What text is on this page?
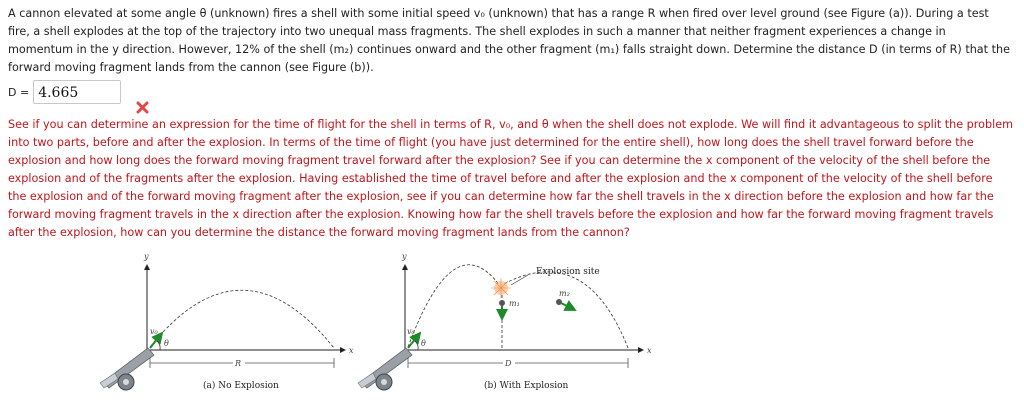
A cannon elevated at some angle θ (unknown) fires a shell with some initial speed v₀ (unknown) that has a range R when fired over level ground (see Figure (a)). During a test fire, a shell explodes at the top of the trajectory into two unequal mass fragments. The shell explodes in such a manner that neither fragment experiences a change in momentum in the y direction. However, 12% of the shell (m₂) continues onward and the other fragment (m₁) falls straight down. Determine the distance D (in terms of R) that the forward moving fragment lands from the cannon (see Figure (b)).
D = 4.665
See if you can determine an expression for the time of flight for the shell in terms of R, v₀, and θ when the shell does not explode. We will find it advantageous to split the problem into two parts, before and after the explosion. In terms of the time of flight (you have just determined for the entire shell), how long does the shell travel forward before the explosion and how long does the forward moving fragment travel forward after the explosion? See if you can determine the x component of the velocity of the shell before the explosion and of the fragments after the explosion. Having established the time of travel before and after the explosion and the x component of the velocity of the shell before the explosion and of the forward moving fragment after the explosion, see if you can determine how far the shell travels in the x direction before the explosion and how far the forward moving fragment travels in the x direction after the explosion. Knowing how far the shell travels before the explosion and how far the forward moving fragment travels after the explosion, how can you determine the distance the forward moving fragment lands from the cannon?
y
x
v₀
θ
R
(a) No Explosion
y
x
Explosion site
m₁
m₂
v₀
θ
D
(b) With Explosion
